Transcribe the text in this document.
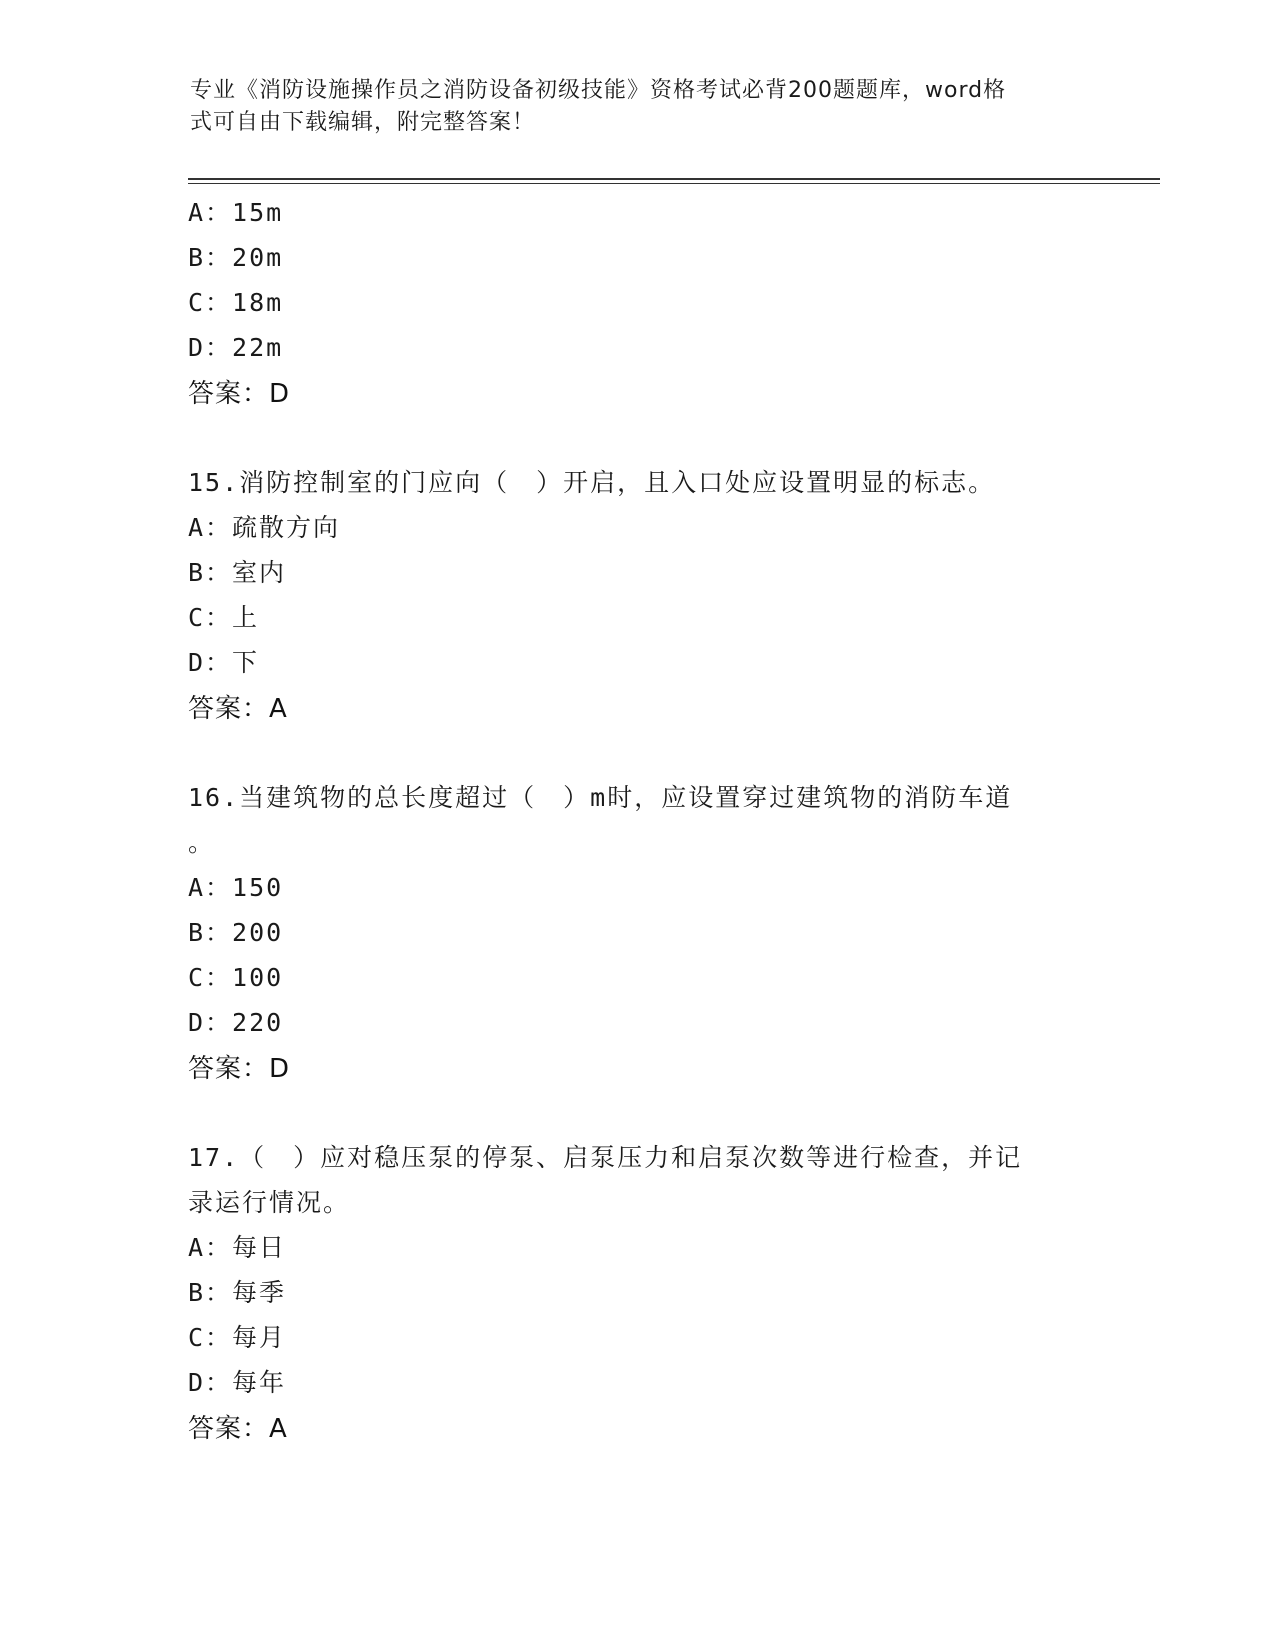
专业《消防设施操作员之消防设备初级技能》资格考试必背200题题库，word格
式可自由下载编辑，附完整答案！
A：15m
B：20m
C：18m
D：22m
答案：D
15.消防控制室的门应向（　）开启，且入口处应设置明显的标志。
A：疏散方向
B：室内
C：上
D：下
答案：A
16.当建筑物的总长度超过（　）m时，应设置穿过建筑物的消防车道
。
A：150
B：200
C：100
D：220
答案：D
17.（　）应对稳压泵的停泵、启泵压力和启泵次数等进行检查，并记
录运行情况。
A：每日
B：每季
C：每月
D：每年
答案：A
